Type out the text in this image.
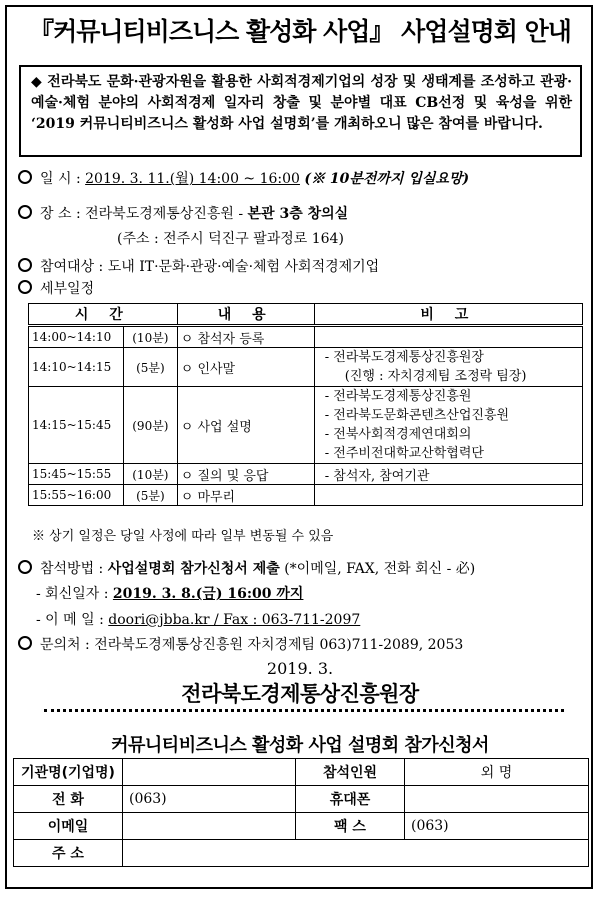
『커뮤니티비즈니스 활성화 사업』 사업설명회 안내
◆ 전라북도 문화·관광자원을 활용한 사회적경제기업의 성장 및 생태계를 조성하고 관광·예술·체험 분야의 사회적경제 일자리 창출 및 분야별 대표 CB선정 및 육성을 위한 ‘2019 커뮤니티비즈니스 활성화 사업 설명회’를 개최하오니 많은 참여를 바랍니다.
일 시 : 2019. 3. 11.(월) 14:00 ~ 16:00 (※ 10분전까지 입실요망)
장 소 : 전라북도경제통상진흥원 - 본관 3층 창의실
(주소 : 전주시 덕진구 팔과정로 164)
참여대상 : 도내 IT·문화·관광·예술·체험 사회적경제기업
세부일정
시 간		내 용	비 고
14:00~14:10	(10분)	ㅇ 참석자 등록	
14:10~14:15	(5분)	ㅇ 인사말	- 전라북도경제통상진흥원장
(진행 : 자치경제팀 조정락 팀장)

14:15~15:45	(90분)	ㅇ 사업 설명	- 전라북도경제통상진흥원
- 전라북도문화콘텐츠산업진흥원
- 전북사회적경제연대회의
- 전주비전대학교산학협력단

15:45~15:55	(10분)	ㅇ 질의 및 응답	- 참석자, 참여기관
15:55~16:00	(5분)	ㅇ 마무리	
※ 상기 일정은 당일 사정에 따라 일부 변동될 수 있음
참석방법 : 사업설명회 참가신청서 제출 (*이메일, FAX, 전화 회신 - 必)
- 회신일자 : 2019. 3. 8.(금) 16:00 까지
- 이 메 일 : doori@jbba.kr / Fax : 063-711-2097
문의처 : 전라북도경제통상진흥원 자치경제팀 063)711-2089, 2053
2019. 3.
전라북도경제통상진흥원장
커뮤니티비즈니스 활성화 사업 설명회 참가신청서
기관명(기업명)		참석인원	외 명
전 화	(063)	휴대폰	
이메일		팩 스	(063)
주 소			
